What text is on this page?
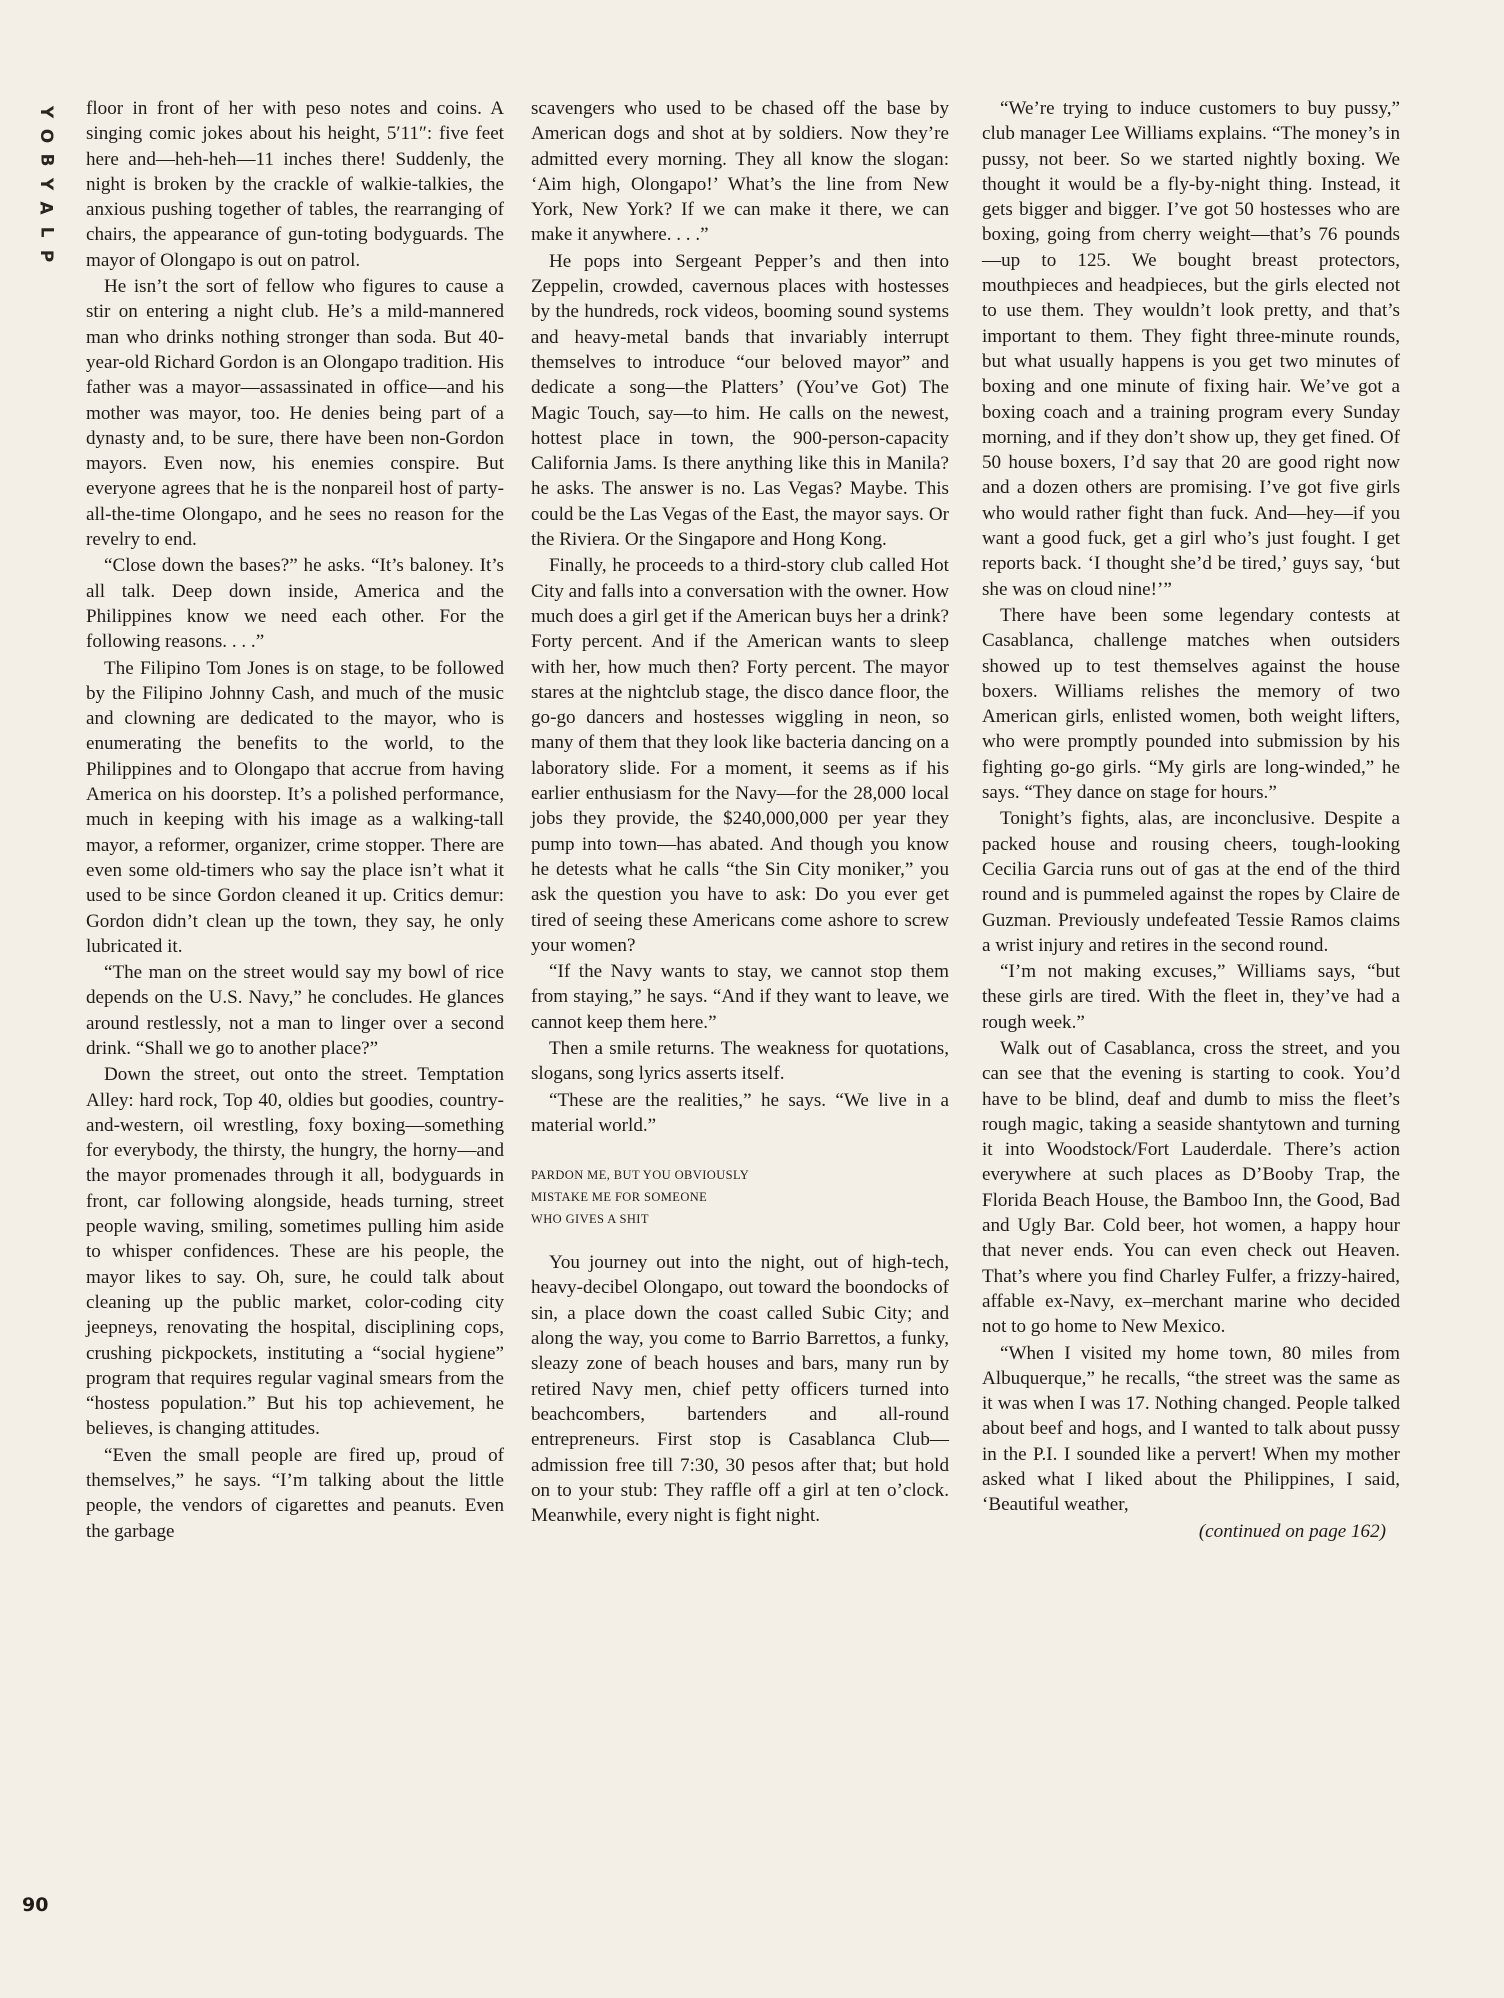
Y
O
B
Y
A
L
P

floor in front of her with peso notes and coins. A singing comic jokes about his height, 5′11″: five feet here and—heh-heh—11 inches there! Suddenly, the night is broken by the crackle of walkie-talkies, the anxious pushing together of tables, the rearranging of chairs, the appearance of gun-toting bodyguards. The mayor of Olongapo is out on patrol.

He isn’t the sort of fellow who figures to cause a stir on entering a night club. He’s a mild-mannered man who drinks nothing stronger than soda. But 40-year-old Richard Gordon is an Olongapo tradition. His father was a mayor—assassinated in office—and his mother was mayor, too. He denies being part of a dynasty and, to be sure, there have been non-Gordon mayors. Even now, his enemies conspire. But everyone agrees that he is the nonpareil host of party-all-the-time Olongapo, and he sees no reason for the revelry to end.

“Close down the bases?” he asks. “It’s baloney. It’s all talk. Deep down inside, America and the Philippines know we need each other. For the following reasons. . . .”

The Filipino Tom Jones is on stage, to be followed by the Filipino Johnny Cash, and much of the music and clowning are dedicated to the mayor, who is enumerating the benefits to the world, to the Philippines and to Olongapo that accrue from having America on his doorstep. It’s a polished performance, much in keeping with his image as a walking-tall mayor, a reformer, organizer, crime stopper. There are even some old-timers who say the place isn’t what it used to be since Gordon cleaned it up. Critics demur: Gordon didn’t clean up the town, they say, he only lubricated it.

“The man on the street would say my bowl of rice depends on the U.S. Navy,” he concludes. He glances around restlessly, not a man to linger over a second drink. “Shall we go to another place?”

Down the street, out onto the street. Temptation Alley: hard rock, Top 40, oldies but goodies, country-and-western, oil wrestling, foxy boxing—something for everybody, the thirsty, the hungry, the horny—and the mayor promenades through it all, bodyguards in front, car following alongside, heads turning, street people waving, smiling, sometimes pulling him aside to whisper confidences. These are his people, the mayor likes to say. Oh, sure, he could talk about cleaning up the public market, color-coding city jeepneys, renovating the hospital, disciplining cops, crushing pickpockets, instituting a “social hygiene” program that requires regular vaginal smears from the “hostess population.” But his top achievement, he believes, is changing attitudes.

“Even the small people are fired up, proud of themselves,” he says. “I’m talking about the little people, the vendors of cigarettes and peanuts. Even the garbage

scavengers who used to be chased off the base by American dogs and shot at by soldiers. Now they’re admitted every morning. They all know the slogan: ‘Aim high, Olongapo!’ What’s the line from New York, New York? If we can make it there, we can make it anywhere. . . .”

He pops into Sergeant Pepper’s and then into Zeppelin, crowded, cavernous places with hostesses by the hundreds, rock videos, booming sound systems and heavy-metal bands that invariably interrupt themselves to introduce “our beloved mayor” and dedicate a song—the Platters’ (You’ve Got) The Magic Touch, say—to him. He calls on the newest, hottest place in town, the 900-person-capacity California Jams. Is there anything like this in Manila? he asks. The answer is no. Las Vegas? Maybe. This could be the Las Vegas of the East, the mayor says. Or the Riviera. Or the Singapore and Hong Kong.

Finally, he proceeds to a third-story club called Hot City and falls into a conversation with the owner. How much does a girl get if the American buys her a drink? Forty percent. And if the American wants to sleep with her, how much then? Forty percent. The mayor stares at the nightclub stage, the disco dance floor, the go-go dancers and hostesses wiggling in neon, so many of them that they look like bacteria dancing on a laboratory slide. For a moment, it seems as if his earlier enthusiasm for the Navy—for the 28,000 local jobs they provide, the $240,000,000 per year they pump into town—has abated. And though you know he detests what he calls “the Sin City moniker,” you ask the question you have to ask: Do you ever get tired of seeing these Americans come ashore to screw your women?

“If the Navy wants to stay, we cannot stop them from staying,” he says. “And if they want to leave, we cannot keep them here.”

Then a smile returns. The weakness for quotations, slogans, song lyrics asserts itself.

“These are the realities,” he says. “We live in a material world.”

PARDON ME, BUT YOU OBVIOUSLY
MISTAKE ME FOR SOMEONE
WHO GIVES A SHIT

You journey out into the night, out of high-tech, heavy-decibel Olongapo, out toward the boondocks of sin, a place down the coast called Subic City; and along the way, you come to Barrio Barrettos, a funky, sleazy zone of beach houses and bars, many run by retired Navy men, chief petty officers turned into beachcombers, bartenders and all-round entrepreneurs. First stop is Casablanca Club—admission free till 7:30, 30 pesos after that; but hold on to your stub: They raffle off a girl at ten o’clock. Meanwhile, every night is fight night.

“We’re trying to induce customers to buy pussy,” club manager Lee Williams explains. “The money’s in pussy, not beer. So we started nightly boxing. We thought it would be a fly-by-night thing. Instead, it gets bigger and bigger. I’ve got 50 hostesses who are boxing, going from cherry weight—that’s 76 pounds—up to 125. We bought breast protectors, mouthpieces and headpieces, but the girls elected not to use them. They wouldn’t look pretty, and that’s important to them. They fight three-minute rounds, but what usually happens is you get two minutes of boxing and one minute of fixing hair. We’ve got a boxing coach and a training program every Sunday morning, and if they don’t show up, they get fined. Of 50 house boxers, I’d say that 20 are good right now and a dozen others are promising. I’ve got five girls who would rather fight than fuck. And—hey—if you want a good fuck, get a girl who’s just fought. I get reports back. ‘I thought she’d be tired,’ guys say, ‘but she was on cloud nine!’”

There have been some legendary contests at Casablanca, challenge matches when outsiders showed up to test themselves against the house boxers. Williams relishes the memory of two American girls, enlisted women, both weight lifters, who were promptly pounded into submission by his fighting go-go girls. “My girls are long-winded,” he says. “They dance on stage for hours.”

Tonight’s fights, alas, are inconclusive. Despite a packed house and rousing cheers, tough-looking Cecilia Garcia runs out of gas at the end of the third round and is pummeled against the ropes by Claire de Guzman. Previously undefeated Tessie Ramos claims a wrist injury and retires in the second round.

“I’m not making excuses,” Williams says, “but these girls are tired. With the fleet in, they’ve had a rough week.”

Walk out of Casablanca, cross the street, and you can see that the evening is starting to cook. You’d have to be blind, deaf and dumb to miss the fleet’s rough magic, taking a seaside shantytown and turning it into Woodstock/Fort Lauderdale. There’s action everywhere at such places as D’Booby Trap, the Florida Beach House, the Bamboo Inn, the Good, Bad and Ugly Bar. Cold beer, hot women, a happy hour that never ends. You can even check out Heaven. That’s where you find Charley Fulfer, a frizzy-haired, affable ex-Navy, ex–merchant marine who decided not to go home to New Mexico.

“When I visited my home town, 80 miles from Albuquerque,” he recalls, “the street was the same as it was when I was 17. Nothing changed. People talked about beef and hogs, and I wanted to talk about pussy in the P.I. I sounded like a pervert! When my mother asked what I liked about the Philippines, I said, ‘Beautiful weather,

(continued on page 162)
90
